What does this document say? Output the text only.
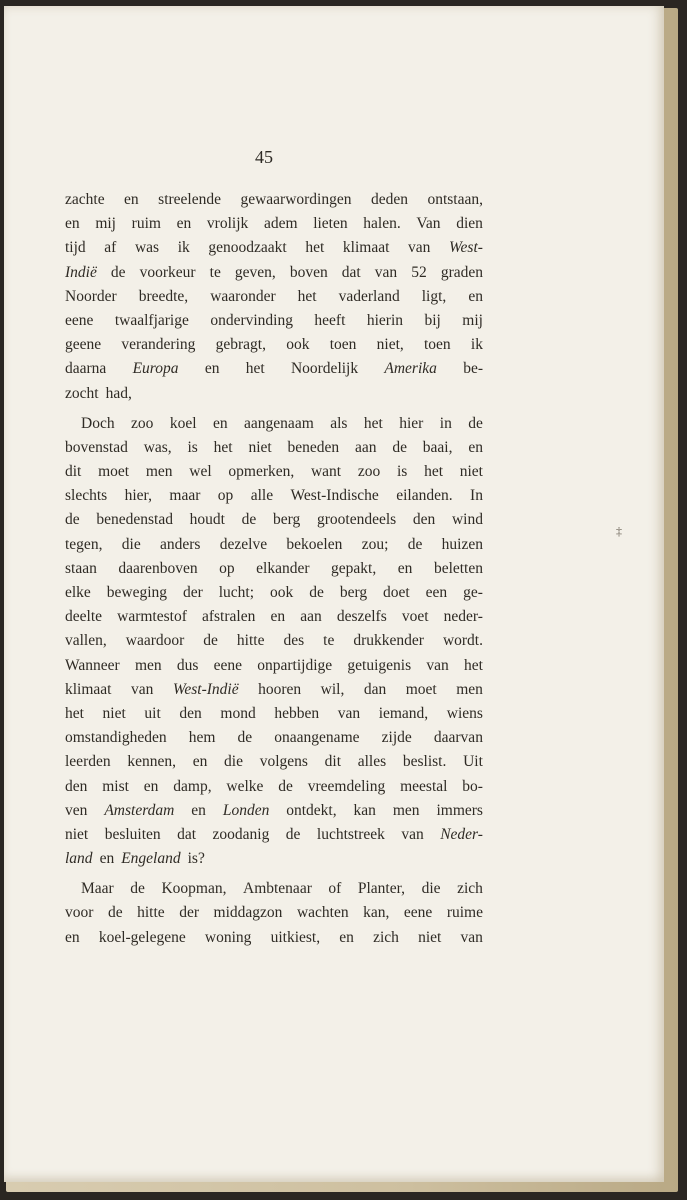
45
zachte en streelende gewaarwordingen deden ontstaan,
en mij ruim en vrolijk adem lieten halen. Van dien
tijd af was ik genoodzaakt het klimaat van West-
Indië de voorkeur te geven, boven dat van 52 graden
Noorder breedte, waaronder het vaderland ligt, en
eene twaalfjarige ondervinding heeft hierin bij mij
geene verandering gebragt, ook toen niet, toen ik
daarna Europa en het Noordelijk Amerika be-
zocht had,
Doch zoo koel en aangenaam als het hier in de
bovenstad was, is het niet beneden aan de baai, en
dit moet men wel opmerken, want zoo is het niet
slechts hier, maar op alle West-Indische eilanden. In
de benedenstad houdt de berg grootendeels den wind
tegen, die anders dezelve bekoelen zou; de huizen
staan daarenboven op elkander gepakt, en beletten
elke beweging der lucht; ook de berg doet een ge-
deelte warmtestof afstralen en aan deszelfs voet neder-
vallen, waardoor de hitte des te drukkender wordt.
Wanneer men dus eene onpartijdige getuigenis van het
klimaat van West-Indië hooren wil, dan moet men
het niet uit den mond hebben van iemand, wiens
omstandigheden hem de onaangename zijde daarvan
leerden kennen, en die volgens dit alles beslist. Uit
den mist en damp, welke de vreemdeling meestal bo-
ven Amsterdam en Londen ontdekt, kan men immers
niet besluiten dat zoodanig de luchtstreek van Neder-
land en Engeland is?
Maar de Koopman, Ambtenaar of Planter, die zich
voor de hitte der middagzon wachten kan, eene ruime
en koel-gelegene woning uitkiest, en zich niet van
‡
